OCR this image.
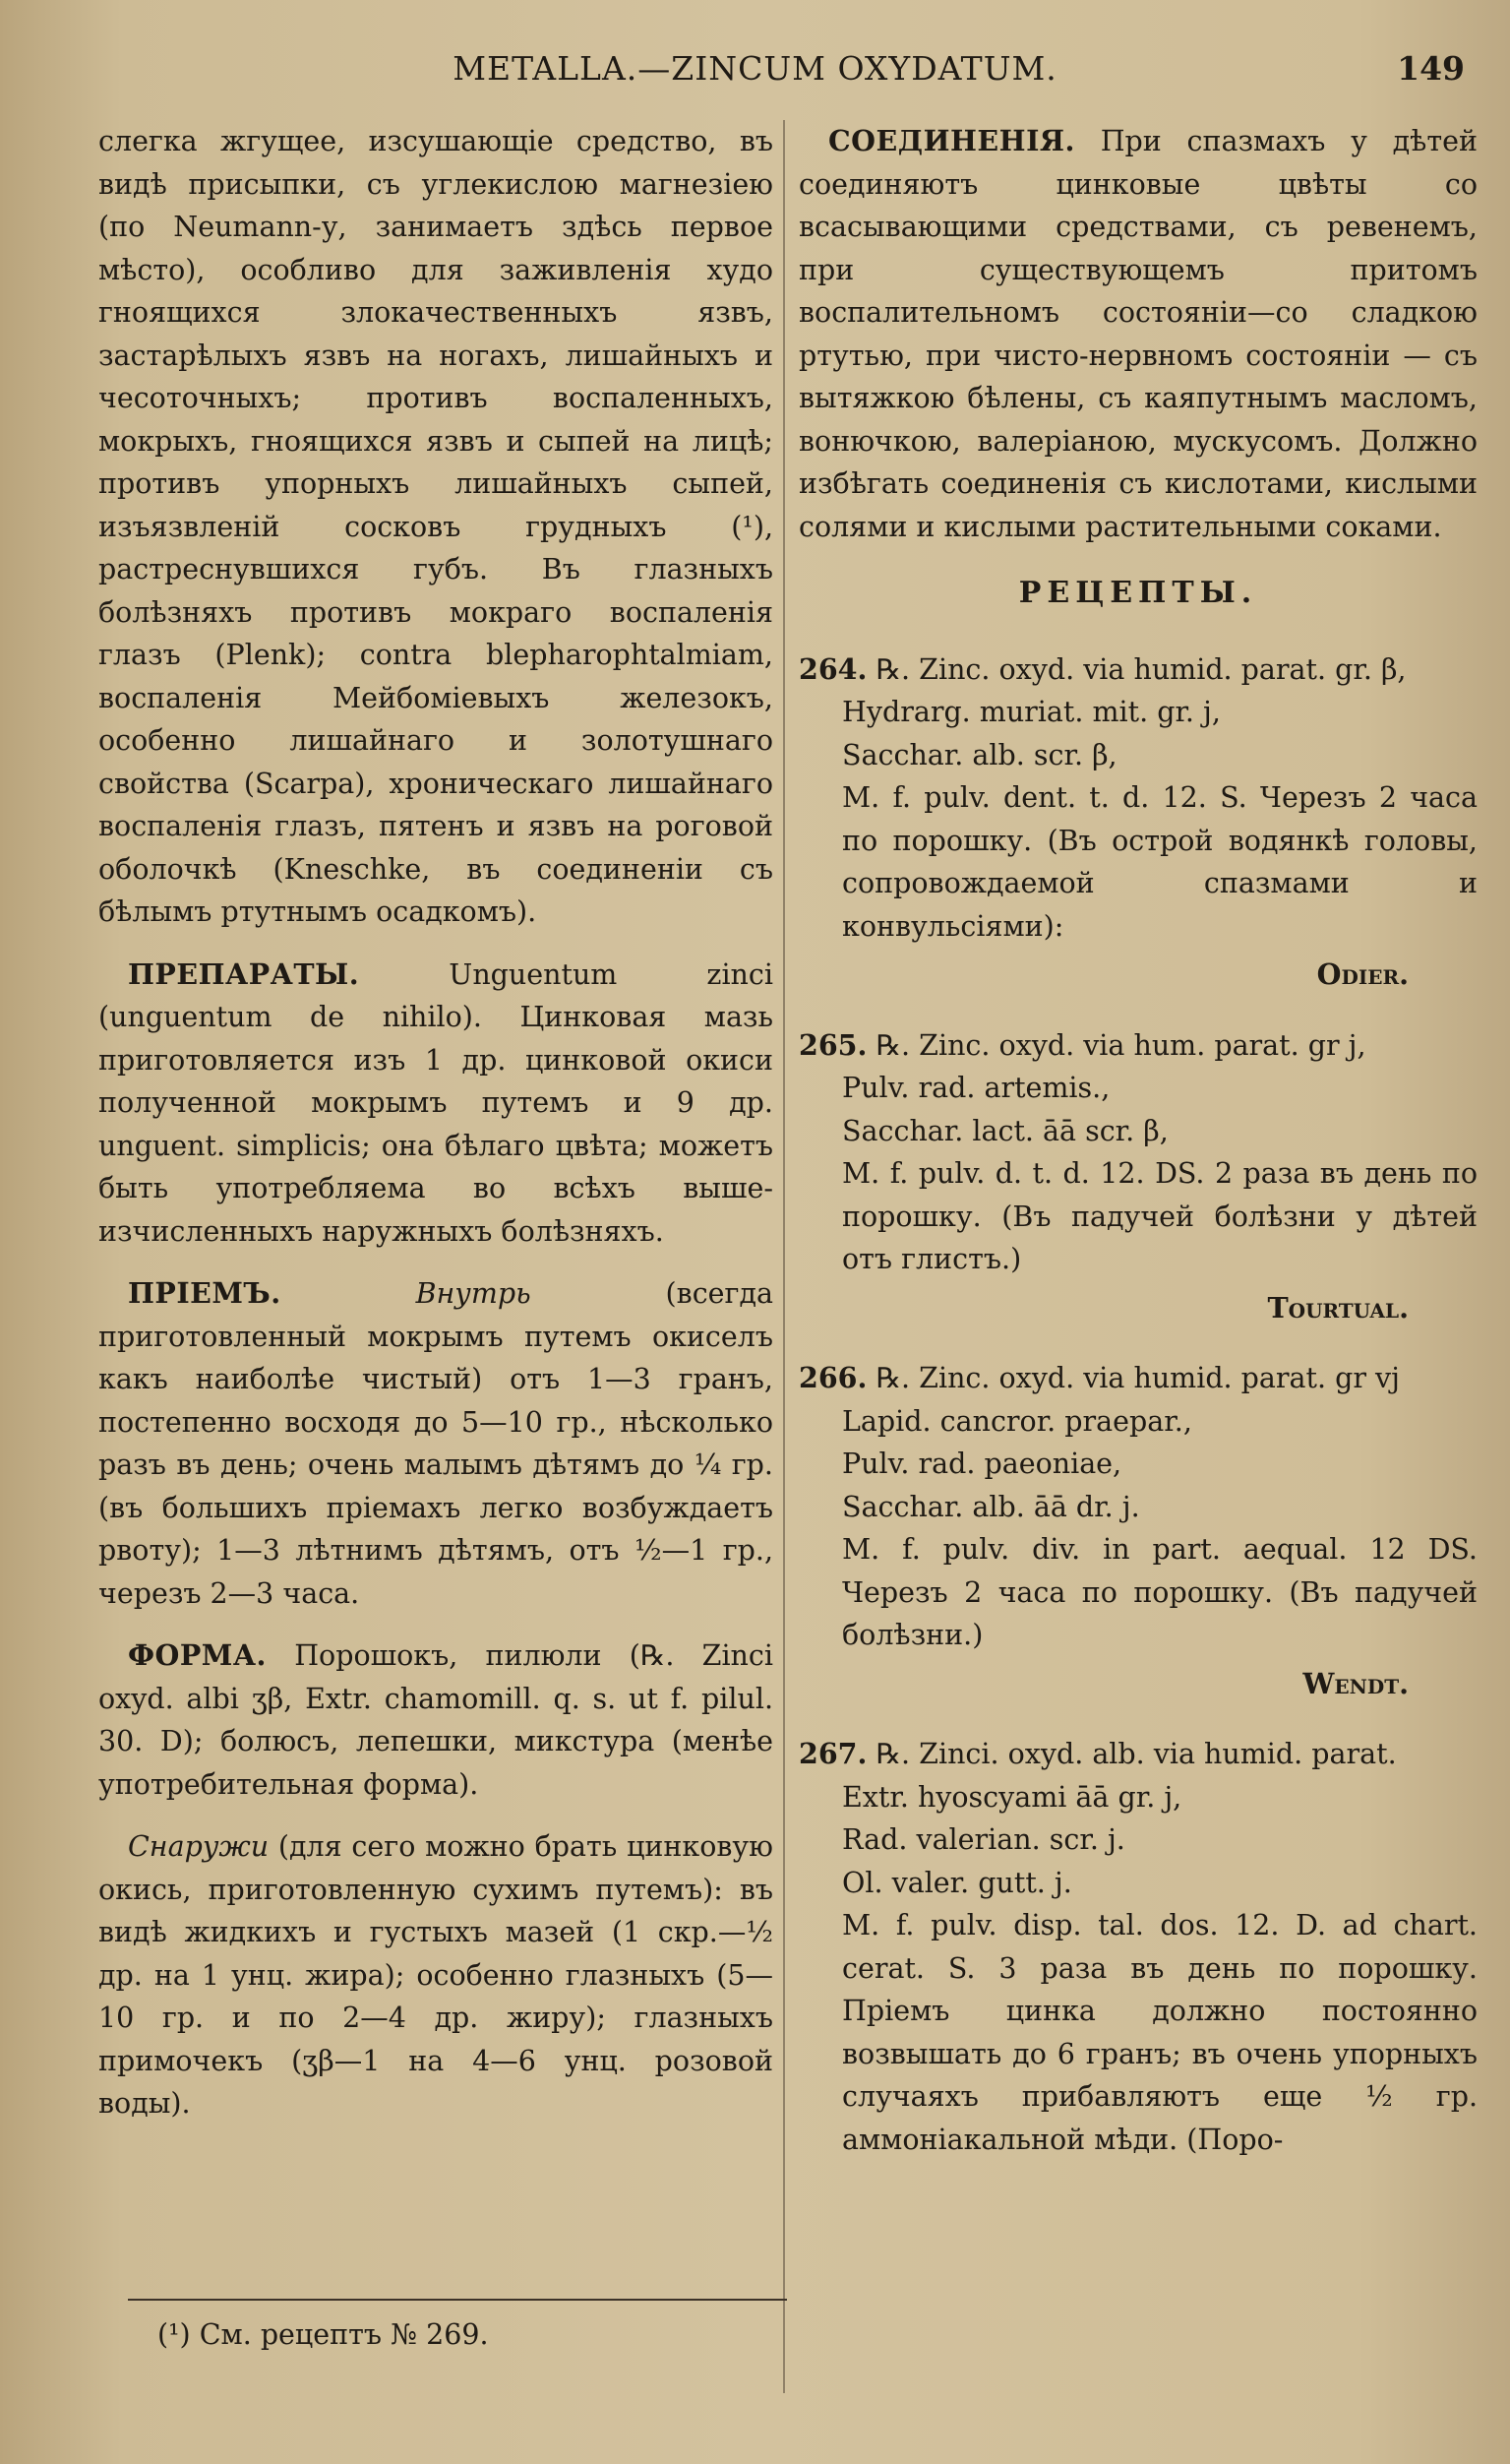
METALLA.—ZINCUM OXYDATUM.	149

слегка жгущее, изсушающіе средство, въ видѣ присыпки, съ углекислою магнезіею (по Neumann-у, занимаетъ здѣсь первое мѣсто), особливо для заживленія худо гноящихся злокачественныхъ язвъ, застарѣлыхъ язвъ на ногахъ, лишайныхъ и чесоточныхъ; противъ воспаленныхъ, мокрыхъ, гноящихся язвъ и сыпей на лицѣ; противъ упорныхъ лишайныхъ сыпей, изъязвленій сосковъ грудныхъ (¹), растреснувшихся губъ. Въ глазныхъ болѣзняхъ противъ мокраго воспаленія глазъ (Plenk); contra blepharophtalmiam, воспаленія Мейбоміевыхъ железокъ, особенно лишайнаго и золотушнаго свойства (Scarpa), хроническаго лишайнаго воспаленія глазъ, пятенъ и язвъ на роговой оболочкѣ (Kneschke, въ соединеніи съ бѣлымъ ртутнымъ осадкомъ).

ПРЕПАРАТЫ. Unguentum zinci (unguentum de nihilo). Цинковая мазь приготовляется изъ 1 др. цинковой окиси полученной мокрымъ путемъ и 9 др. unguent. simplicis; она бѣлаго цвѣта; можетъ быть употребляема во всѣхъ выше-изчисленныхъ наружныхъ болѣзняхъ.

ПРІЕМЪ. Внутрь (всегда приготовленный мокрымъ путемъ окиселъ какъ наиболѣе чистый) отъ 1—3 гранъ, постепенно восходя до 5—10 гр., нѣсколько разъ въ день; очень малымъ дѣтямъ до ¼ гр. (въ большихъ пріемахъ легко возбуждаетъ рвоту); 1—3 лѣтнимъ дѣтямъ, отъ ½—1 гр., черезъ 2—3 часа.

ФОРМА. Порошокъ, пилюли (℞. Zinci oxyd. albi ʒβ, Extr. chamomill. q. s. ut f. pilul. 30. D); болюсъ, лепешки, микстура (менѣе употребительная форма).

Снаружи (для сего можно брать цинковую окись, приготовленную сухимъ путемъ): въ видѣ жидкихъ и густыхъ мазей (1 скр.—½ др. на 1 унц. жира); особенно глазныхъ (5—10 гр. и по 2—4 др. жиру); глазныхъ примочекъ (ʒβ—1 на 4—6 унц. розовой воды).

СОЕДИНЕНІЯ. При спазмахъ у дѣтей соединяютъ цинковые цвѣты со всасывающими средствами, съ ревенемъ, при существующемъ притомъ воспалительномъ состояніи—со сладкою ртутью, при чисто-нервномъ состояніи — съ вытяжкою бѣлены, съ каяпутнымъ масломъ, вонючкою, валеріаною, мускусомъ. Должно избѣгать соединенія съ кислотами, кислыми солями и кислыми растительными соками.

РЕЦЕПТЫ.
264. ℞. Zinc. oxyd. via humid. parat. gr. β,
Hydrarg. muriat. mit. gr. j,
Sacchar. alb. scr. β,
M. f. pulv. dent. t. d. 12. S. Черезъ 2 часа по порошку. (Въ острой водянкѣ головы, сопровождаемой спазмами и конвульсіями):
Odier.
265. ℞. Zinc. oxyd. via hum. parat. gr j,
Pulv. rad. artemis.,
Sacchar. lact. āā scr. β,
M. f. pulv. d. t. d. 12. DS. 2 раза въ день по порошку. (Въ падучей болѣзни у дѣтей отъ глистъ.)
Tourtual.
266. ℞. Zinc. oxyd. via humid. parat. gr vj
Lapid. cancror. praepar.,
Pulv. rad. paeoniae,
Sacchar. alb. āā dr. j.
M. f. pulv. div. in part. aequal. 12 DS. Черезъ 2 часа по порошку. (Въ падучей болѣзни.)
Wendt.
267. ℞. Zinci. oxyd. alb. via humid. parat.
Extr. hyoscyami āā gr. j,
Rad. valerian. scr. j.
Ol. valer. gutt. j.
M. f. pulv. disp. tal. dos. 12. D. ad chart. cerat. S. 3 раза въ день по порошку. Пріемъ цинка должно постоянно возвышать до 6 гранъ; въ очень упорныхъ случаяхъ прибавляютъ еще ½ гр. аммоніакальной мѣди. (Поро-
(¹) См. рецептъ № 269.
